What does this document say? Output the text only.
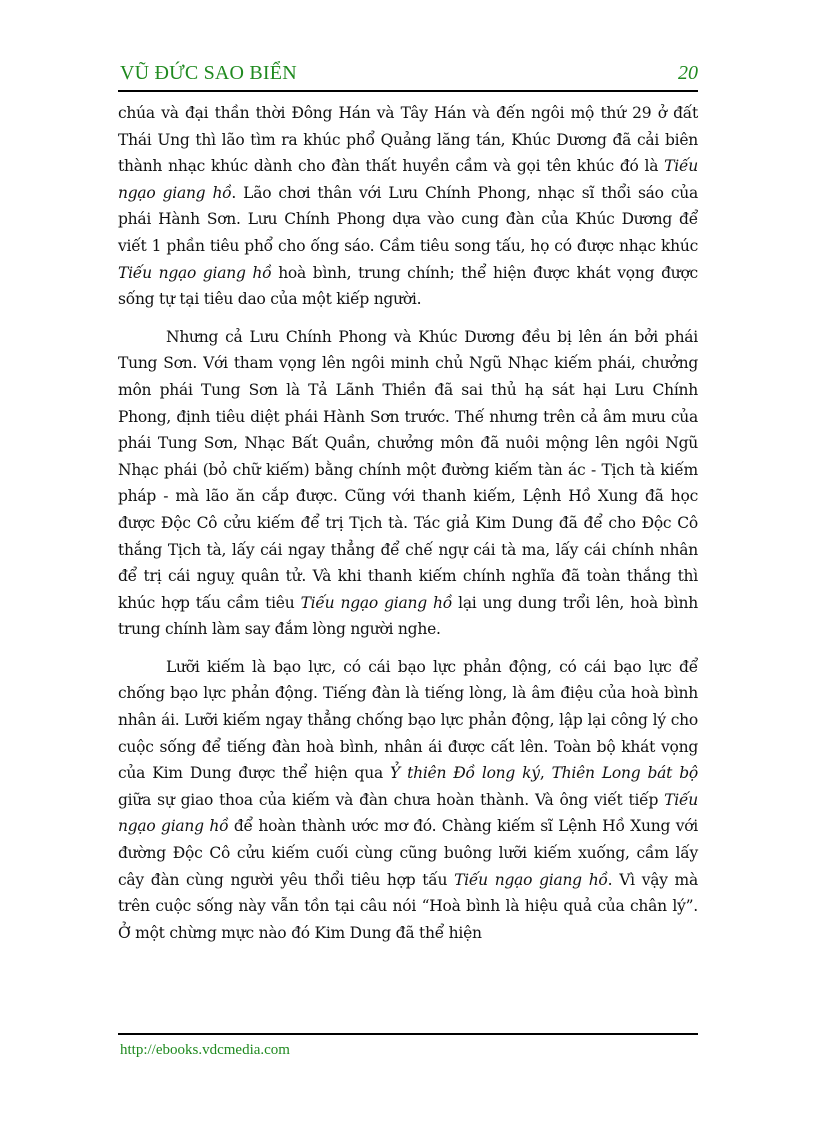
VŨ ĐỨC SAO BIỂN	20

chúa và đại thần thời Đông Hán và Tây Hán và đến ngôi mộ thứ 29 ở đất Thái Ung thì lão tìm ra khúc phổ Quảng lăng tán, Khúc Dương đã cải biên thành nhạc khúc dành cho đàn thất huyền cầm và gọi tên khúc đó là Tiếu ngạo giang hồ. Lão chơi thân với Lưu Chính Phong, nhạc sĩ thổi sáo của phái Hành Sơn. Lưu Chính Phong dựa vào cung đàn của Khúc Dương để viết 1 phần tiêu phổ cho ống sáo. Cầm tiêu song tấu, họ có được nhạc khúc Tiếu ngạo giang hồ hoà bình, trung chính; thể hiện được khát vọng được sống tự tại tiêu dao của một kiếp người.

Nhưng cả Lưu Chính Phong và Khúc Dương đều bị lên án bởi phái Tung Sơn. Với tham vọng lên ngôi minh chủ Ngũ Nhạc kiếm phái, chưởng môn phái Tung Sơn là Tả Lãnh Thiền đã sai thủ hạ sát hại Lưu Chính Phong, định tiêu diệt phái Hành Sơn trước. Thế nhưng trên cả âm mưu của phái Tung Sơn, Nhạc Bất Quần, chưởng môn đã nuôi mộng lên ngôi Ngũ Nhạc phái (bỏ chữ kiếm) bằng chính một đường kiếm tàn ác - Tịch tà kiếm pháp - mà lão ăn cắp được. Cũng với thanh kiếm, Lệnh Hồ Xung đã học được Độc Cô cửu kiếm để trị Tịch tà. Tác giả Kim Dung đã để cho Độc Cô thắng Tịch tà, lấy cái ngay thẳng để chế ngự cái tà ma, lấy cái chính nhân để trị cái nguỵ quân tử. Và khi thanh kiếm chính nghĩa đã toàn thắng thì khúc hợp tấu cầm tiêu Tiếu ngạo giang hồ lại ung dung trổi lên, hoà bình trung chính làm say đắm lòng người nghe.

Lưỡi kiếm là bạo lực, có cái bạo lực phản động, có cái bạo lực để chống bạo lực phản động. Tiếng đàn là tiếng lòng, là âm điệu của hoà bình nhân ái. Lưỡi kiếm ngay thẳng chống bạo lực phản động, lập lại công lý cho cuộc sống để tiếng đàn hoà bình, nhân ái được cất lên. Toàn bộ khát vọng của Kim Dung được thể hiện qua Ỷ thiên Đồ long ký, Thiên Long bát bộ giữa sự giao thoa của kiếm và đàn chưa hoàn thành. Và ông viết tiếp Tiếu ngạo giang hồ để hoàn thành ước mơ đó. Chàng kiếm sĩ Lệnh Hồ Xung với đường Độc Cô cửu kiếm cuối cùng cũng buông lưỡi kiếm xuống, cầm lấy cây đàn cùng người yêu thổi tiêu hợp tấu Tiếu ngạo giang hồ. Vì vậy mà trên cuộc sống này vẫn tồn tại câu nói “Hoà bình là hiệu quả của chân lý”. Ở một chừng mực nào đó Kim Dung đã thể hiện

http://ebooks.vdcmedia.com
